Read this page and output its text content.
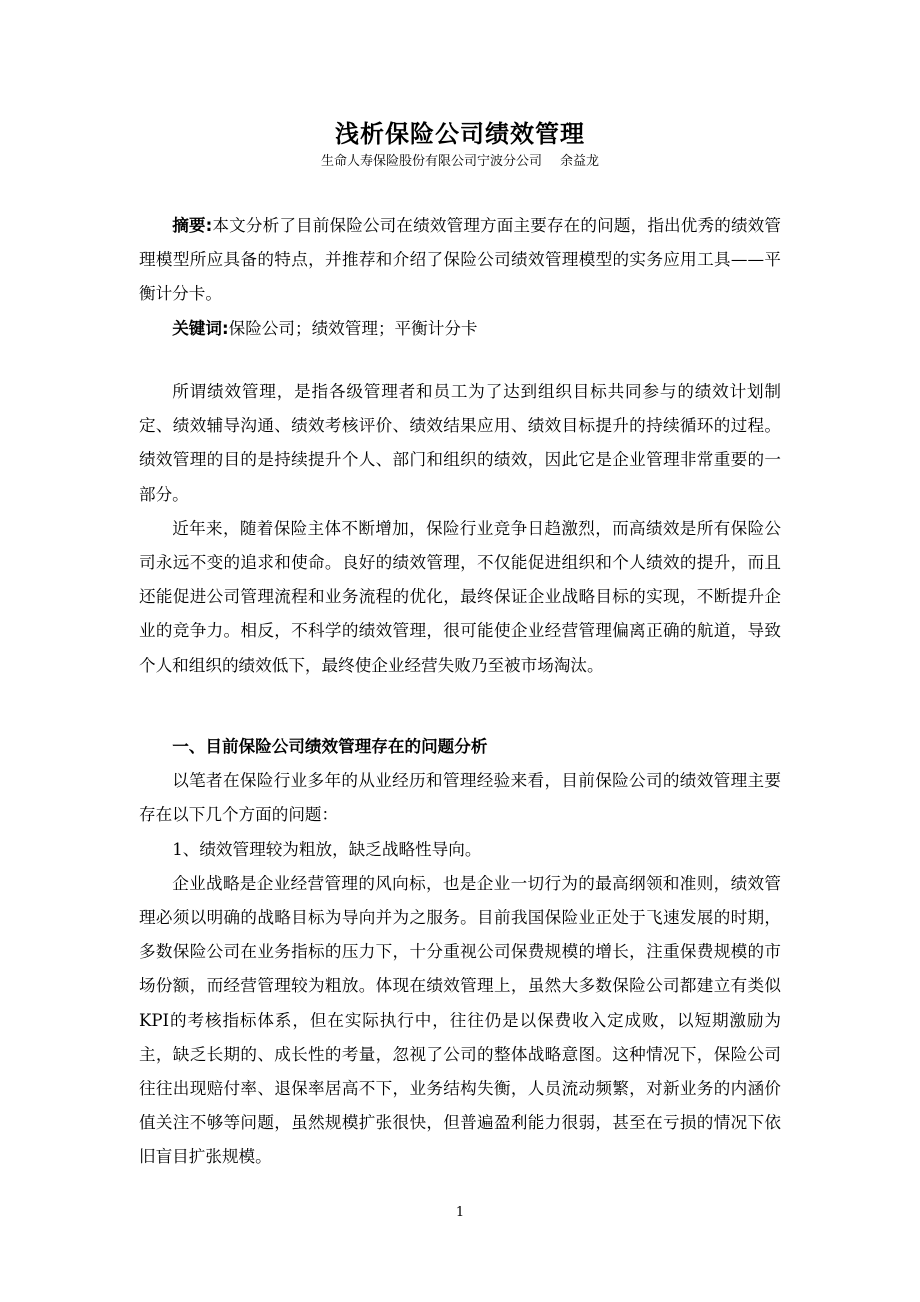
浅析保险公司绩效管理
生命人寿保险股份有限公司宁波分公司 余益龙

摘要:本文分析了目前保险公司在绩效管理方面主要存在的问题，指出优秀的绩效管理模型所应具备的特点，并推荐和介绍了保险公司绩效管理模型的实务应用工具——平衡计分卡。

关键词:保险公司；绩效管理；平衡计分卡

所谓绩效管理，是指各级管理者和员工为了达到组织目标共同参与的绩效计划制定、绩效辅导沟通、绩效考核评价、绩效结果应用、绩效目标提升的持续循环的过程。绩效管理的目的是持续提升个人、部门和组织的绩效，因此它是企业管理非常重要的一部分。

近年来，随着保险主体不断增加，保险行业竞争日趋激烈，而高绩效是所有保险公司永远不变的追求和使命。良好的绩效管理，不仅能促进组织和个人绩效的提升，而且还能促进公司管理流程和业务流程的优化，最终保证企业战略目标的实现，不断提升企业的竞争力。相反，不科学的绩效管理，很可能使企业经营管理偏离正确的航道，导致个人和组织的绩效低下，最终使企业经营失败乃至被市场淘汰。

一、目前保险公司绩效管理存在的问题分析

以笔者在保险行业多年的从业经历和管理经验来看，目前保险公司的绩效管理主要存在以下几个方面的问题：

1、绩效管理较为粗放，缺乏战略性导向。

企业战略是企业经营管理的风向标，也是企业一切行为的最高纲领和准则，绩效管理必须以明确的战略目标为导向并为之服务。目前我国保险业正处于飞速发展的时期，多数保险公司在业务指标的压力下，十分重视公司保费规模的增长，注重保费规模的市场份额，而经营管理较为粗放。体现在绩效管理上，虽然大多数保险公司都建立有类似KPI的考核指标体系，但在实际执行中，往往仍是以保费收入定成败，以短期激励为主，缺乏长期的、成长性的考量，忽视了公司的整体战略意图。这种情况下，保险公司往往出现赔付率、退保率居高不下，业务结构失衡，人员流动频繁，对新业务的内涵价值关注不够等问题，虽然规模扩张很快，但普遍盈利能力很弱，甚至在亏损的情况下依旧盲目扩张规模。

1
